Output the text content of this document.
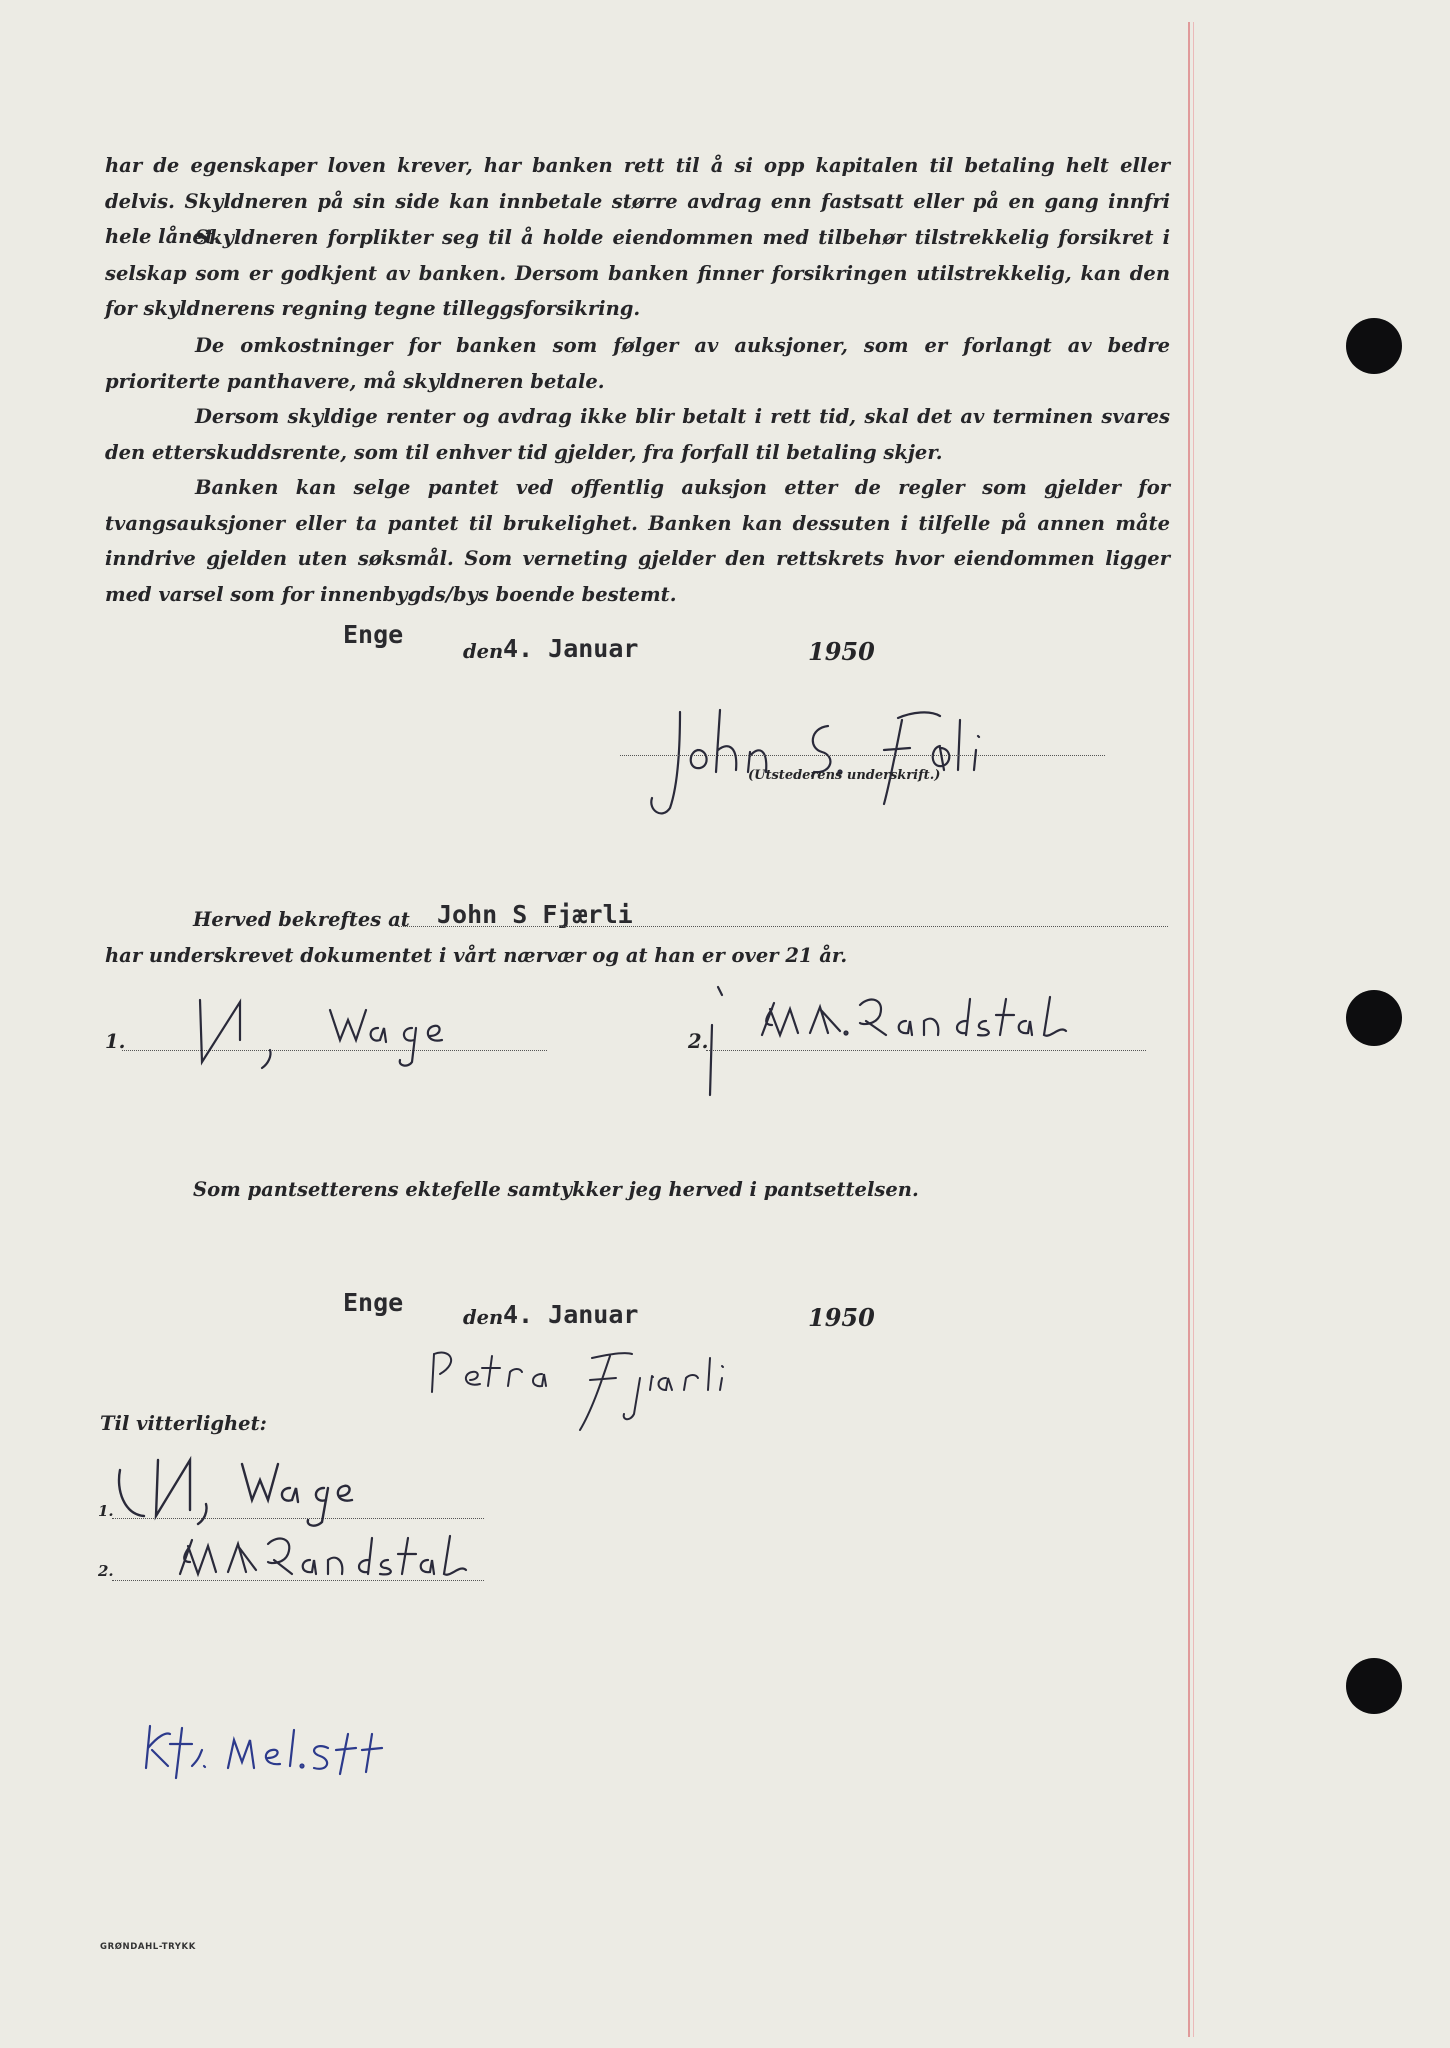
har de egenskaper loven krever, har banken rett til å si opp kapitalen til betaling helt eller delvis. Skyldneren på sin side kan innbetale større avdrag enn fastsatt eller på en gang innfri hele lånet.

Skyldneren forplikter seg til å holde eiendommen med tilbehør tilstrekkelig forsikret i selskap som er godkjent av banken. Dersom banken finner forsikringen utilstrekkelig, kan den for skyldnerens regning tegne tilleggsforsikring.

De omkostninger for banken som følger av auksjoner, som er forlangt av bedre prioriterte panthavere, må skyldneren betale.

Dersom skyldige renter og avdrag ikke blir betalt i rett tid, skal det av terminen svares den etterskuddsrente, som til enhver tid gjelder, fra forfall til betaling skjer.

Banken kan selge pantet ved offentlig auksjon etter de regler som gjelder for tvangsauksjoner eller ta pantet til brukelighet. Banken kan dessuten i tilfelle på annen måte inndrive gjelden uten søksmål. Som verneting gjelder den rettskrets hvor eiendommen ligger med varsel som for innenbygds/bys boende bestemt.

Enge
den 4. Januar	1950
(Utstederens underskrift.)
Herved bekreftes at John S Fjærli
har underskrevet dokumentet i vårt nærvær og at han er over 21 år.
1.	2.
Som pantsetterens ektefelle samtykker jeg herved i pantsettelsen.
Enge
den 4. Januar	1950
Til vitterlighet:
1.
2.
GRØNDAHL-TRYKK
